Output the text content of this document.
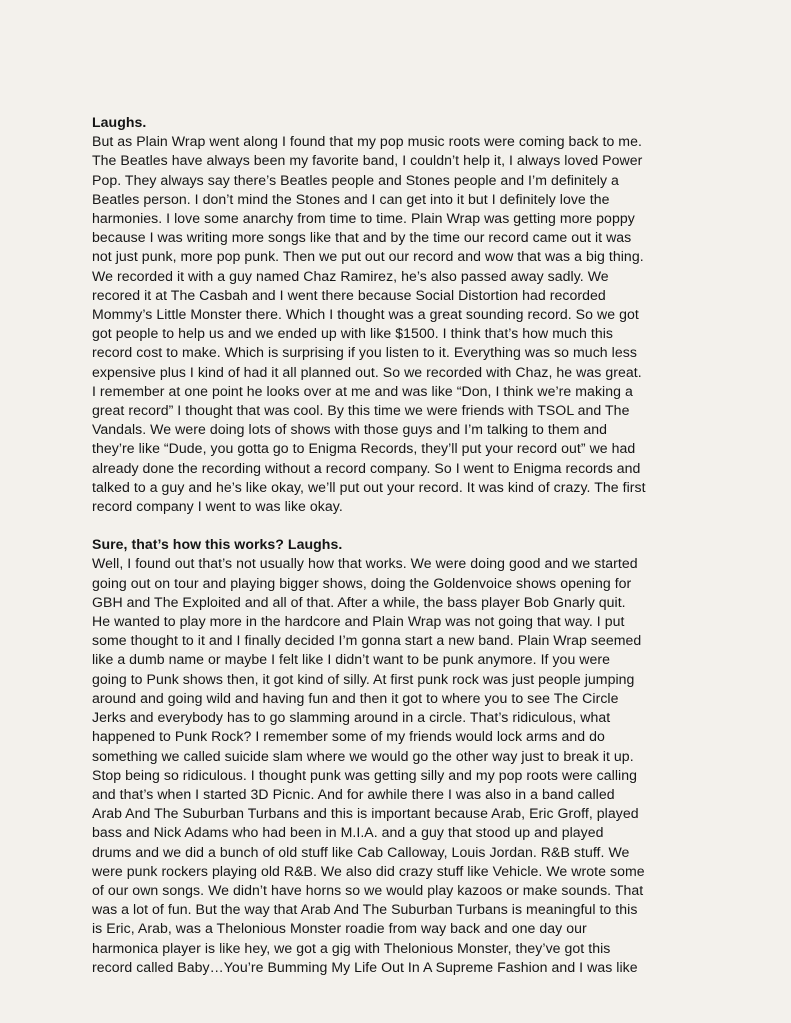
Laughs.
But as Plain Wrap went along I found that my pop music roots were coming back to me.
The Beatles have always been my favorite band, I couldn’t help it, I always loved Power
Pop. They always say there’s Beatles people and Stones people and I’m definitely a
Beatles person. I don’t mind the Stones and I can get into it but I definitely love the
harmonies. I love some anarchy from time to time. Plain Wrap was getting more poppy
because I was writing more songs like that and by the time our record came out it was
not just punk, more pop punk. Then we put out our record and wow that was a big thing.
We recorded it with a guy named Chaz Ramirez, he’s also passed away sadly. We
recored it at The Casbah and I went there because Social Distortion had recorded
Mommy’s Little Monster there. Which I thought was a great sounding record. So we got
got people to help us and we ended up with like $1500. I think that’s how much this
record cost to make. Which is surprising if you listen to it. Everything was so much less
expensive plus I kind of had it all planned out. So we recorded with Chaz, he was great.
I remember at one point he looks over at me and was like “Don, I think we’re making a
great record” I thought that was cool. By this time we were friends with TSOL and The
Vandals. We were doing lots of shows with those guys and I’m talking to them and
they’re like “Dude, you gotta go to Enigma Records, they’ll put your record out” we had
already done the recording without a record company. So I went to Enigma records and
talked to a guy and he’s like okay, we’ll put out your record. It was kind of crazy. The first
record company I went to was like okay.
Sure, that’s how this works? Laughs.
Well, I found out that’s not usually how that works. We were doing good and we started
going out on tour and playing bigger shows, doing the Goldenvoice shows opening for
GBH and The Exploited and all of that. After a while, the bass player Bob Gnarly quit.
He wanted to play more in the hardcore and Plain Wrap was not going that way. I put
some thought to it and I finally decided I’m gonna start a new band. Plain Wrap seemed
like a dumb name or maybe I felt like I didn’t want to be punk anymore. If you were
going to Punk shows then, it got kind of silly. At first punk rock was just people jumping
around and going wild and having fun and then it got to where you to see The Circle
Jerks and everybody has to go slamming around in a circle. That’s ridiculous, what
happened to Punk Rock? I remember some of my friends would lock arms and do
something we called suicide slam where we would go the other way just to break it up.
Stop being so ridiculous. I thought punk was getting silly and my pop roots were calling
and that’s when I started 3D Picnic. And for awhile there I was also in a band called
Arab And The Suburban Turbans and this is important because Arab, Eric Groff, played
bass and Nick Adams who had been in M.I.A. and a guy that stood up and played
drums and we did a bunch of old stuff like Cab Calloway, Louis Jordan. R&B stuff. We
were punk rockers playing old R&B. We also did crazy stuff like Vehicle. We wrote some
of our own songs. We didn’t have horns so we would play kazoos or make sounds. That
was a lot of fun. But the way that Arab And The Suburban Turbans is meaningful to this
is Eric, Arab, was a Thelonious Monster roadie from way back and one day our
harmonica player is like hey, we got a gig with Thelonious Monster, they’ve got this
record called Baby…You’re Bumming My Life Out In A Supreme Fashion and I was like
